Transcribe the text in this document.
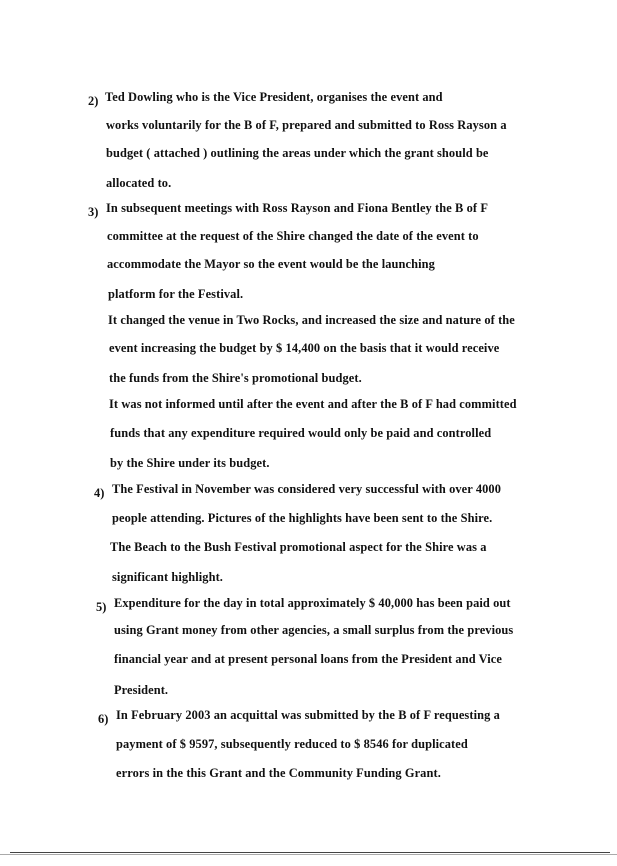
2) Ted Dowling who is the Vice President, organises the event and
works voluntarily for the B of F, prepared and submitted to Ross Rayson a
budget ( attached ) outlining the areas under which the grant should be
allocated to.
3) In subsequent meetings with Ross Rayson and Fiona Bentley the B of F
committee at the request of the Shire changed the date of the event to
accommodate the Mayor so the event would be the launching
platform for the Festival.
It changed the venue in Two Rocks, and increased the size and nature of the
event increasing the budget by $ 14,400 on the basis that it would receive
the funds from the Shire's promotional budget.
It was not informed until after the event and after the B of F had committed
funds that any expenditure required would only be paid and controlled
by the Shire under its budget.
4) The Festival in November was considered very successful with over 4000
people attending. Pictures of the highlights have been sent to the Shire.
The Beach to the Bush Festival promotional aspect for the Shire was a
significant highlight.
5) Expenditure for the day in total approximately $ 40,000 has been paid out
using Grant money from other agencies, a small surplus from the previous
financial year and at present personal loans from the President and Vice
President.
6) In February 2003 an acquittal was submitted by the B of F requesting a
payment of $ 9597, subsequently reduced to $ 8546 for duplicated
errors in the this Grant and the Community Funding Grant.
